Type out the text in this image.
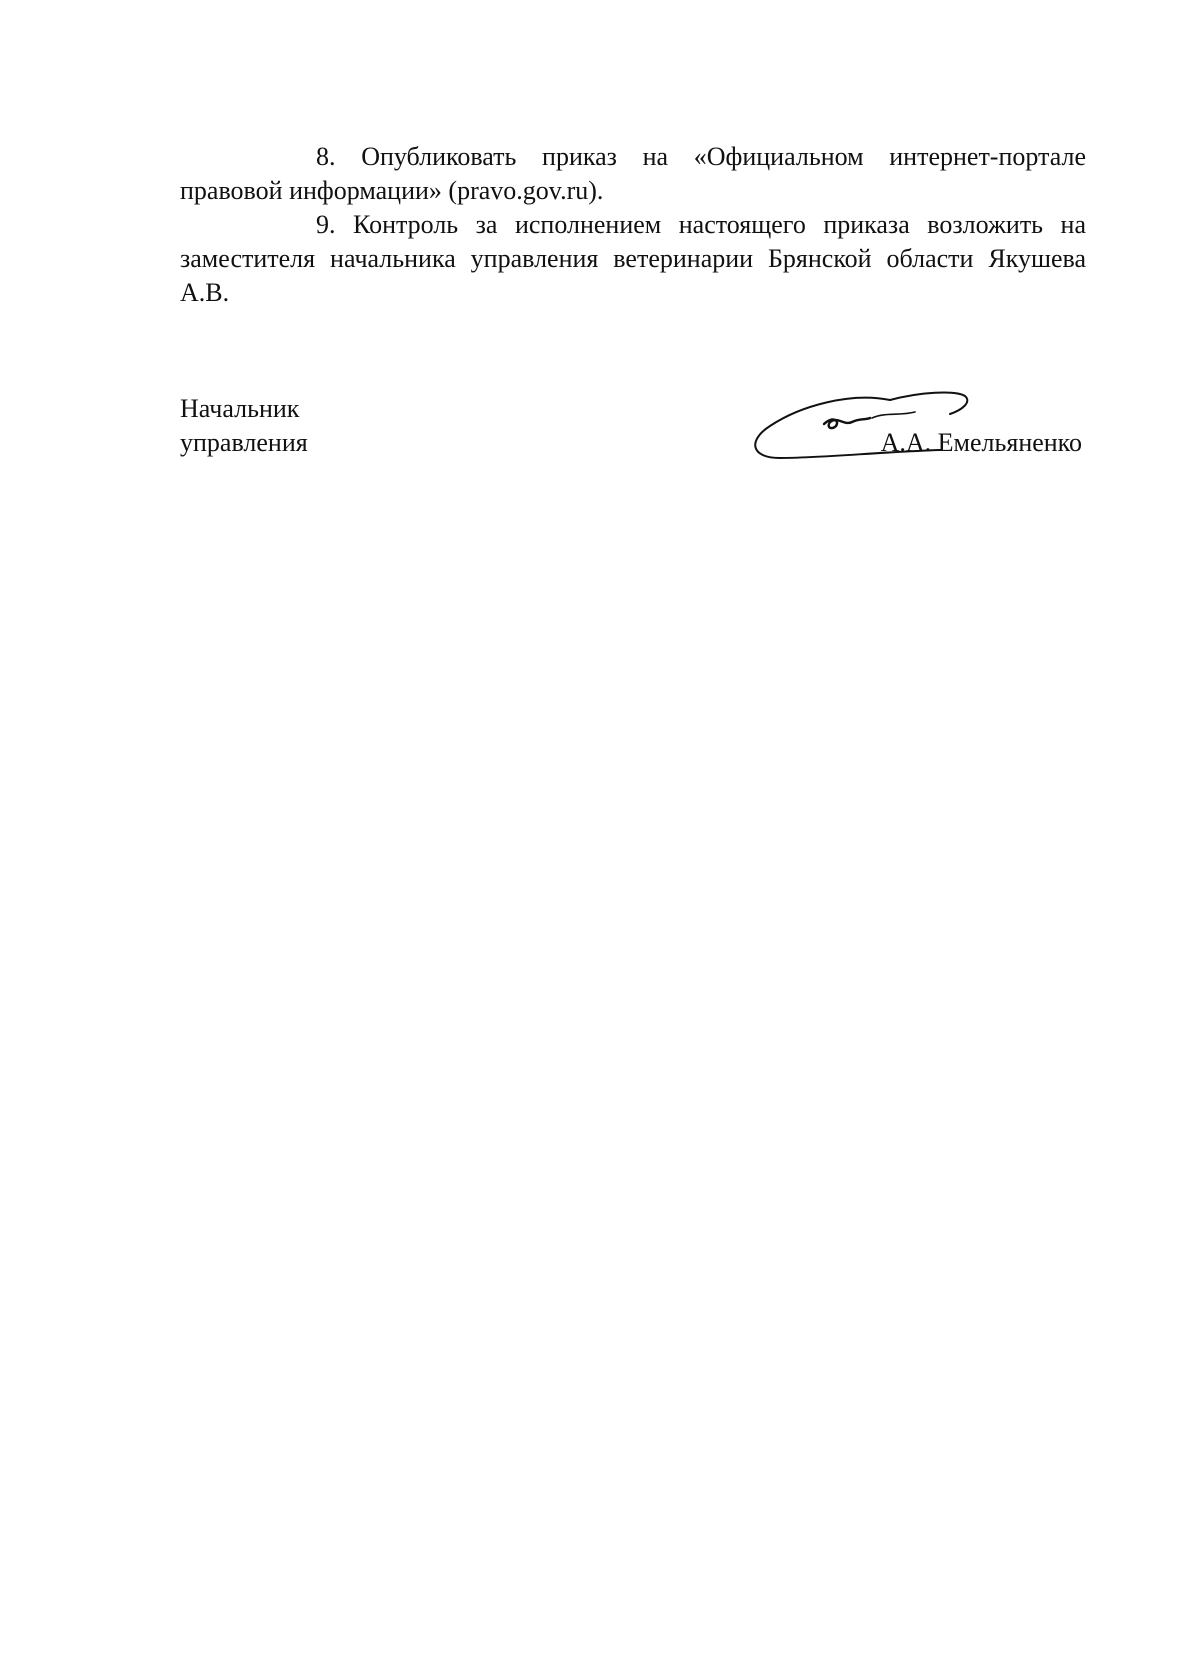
8. Опубликовать приказ на «Официальном интернет-портале правовой информации» (pravo.gov.ru).

9. Контроль за исполнением настоящего приказа возложить на заместителя начальника управления ветеринарии Брянской области Якушева А.В.

Начальник
управления	А.А. Емельяненко
